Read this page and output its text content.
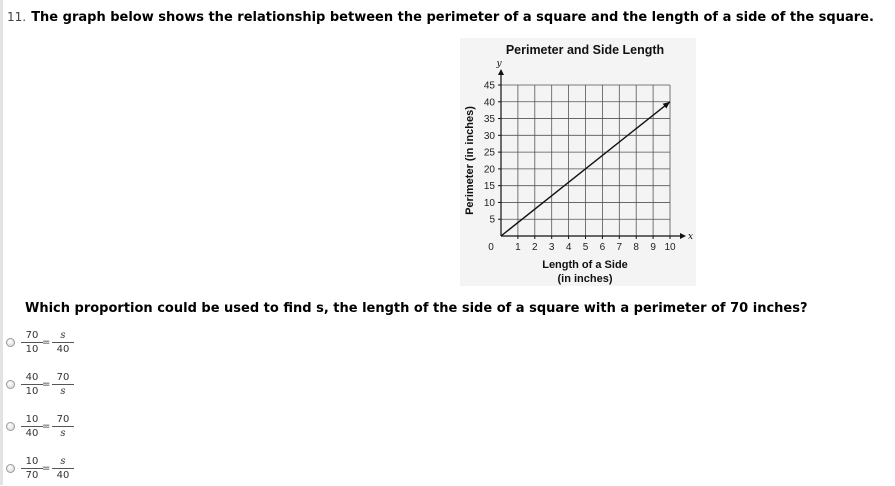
11. The graph below shows the relationship between the perimeter of a square and the length of a side of the square.
Perimeter and Side Length
y
x
1 2 3 4 5 6 7 8 9 10
5
10
15
20
25
30
35
40
45
0
Length of a Side
(in inches)
Perimeter (in inches)
Which proportion could be used to find s, the length of the side of a square with a perimeter of 70 inches?
$\frac{70}{10} = \frac{s}{40}$
$\frac{40}{10} = \frac{70}{s}$
$\frac{10}{40} = \frac{70}{s}$
$\frac{10}{70} = \frac{s}{40}$
